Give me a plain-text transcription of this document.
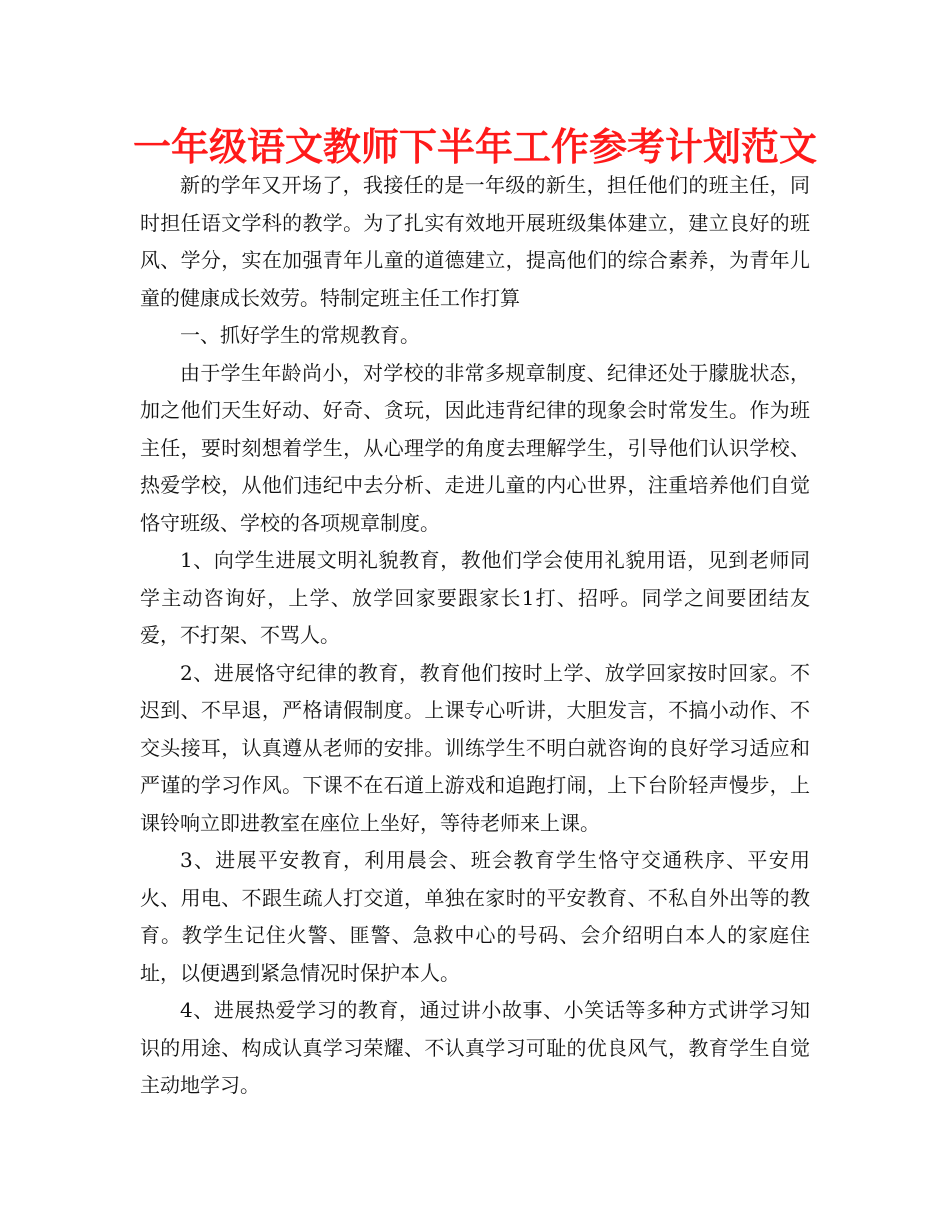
一年级语文教师下半年工作参考计划范文

新的学年又开场了，我接任的是一年级的新生，担任他们的班主任，同时担任语文学科的教学。为了扎实有效地开展班级集体建立，建立良好的班风、学分，实在加强青年儿童的道德建立，提高他们的综合素养，为青年儿童的健康成长效劳。特制定班主任工作打算

一、抓好学生的常规教育。

由于学生年龄尚小，对学校的非常多规章制度、纪律还处于朦胧状态，加之他们天生好动、好奇、贪玩，因此违背纪律的现象会时常发生。作为班主任，要时刻想着学生，从心理学的角度去理解学生，引导他们认识学校、热爱学校，从他们违纪中去分析、走进儿童的内心世界，注重培养他们自觉恪守班级、学校的各项规章制度。

1、向学生进展文明礼貌教育，教他们学会使用礼貌用语，见到老师同学主动咨询好，上学、放学回家要跟家长1打、招呼。同学之间要团结友爱，不打架、不骂人。

2、进展恪守纪律的教育，教育他们按时上学、放学回家按时回家。不迟到、不早退，严格请假制度。上课专心听讲，大胆发言，不搞小动作、不交头接耳，认真遵从老师的安排。训练学生不明白就咨询的良好学习适应和严谨的学习作风。下课不在石道上游戏和追跑打闹，上下台阶轻声慢步，上课铃响立即进教室在座位上坐好，等待老师来上课。

3、进展平安教育，利用晨会、班会教育学生恪守交通秩序、平安用火、用电、不跟生疏人打交道，单独在家时的平安教育、不私自外出等的教育。教学生记住火警、匪警、急救中心的号码、会介绍明白本人的家庭住址，以便遇到紧急情况时保护本人。

4、进展热爱学习的教育，通过讲小故事、小笑话等多种方式讲学习知识的用途、构成认真学习荣耀、不认真学习可耻的优良风气，教育学生自觉主动地学习。
